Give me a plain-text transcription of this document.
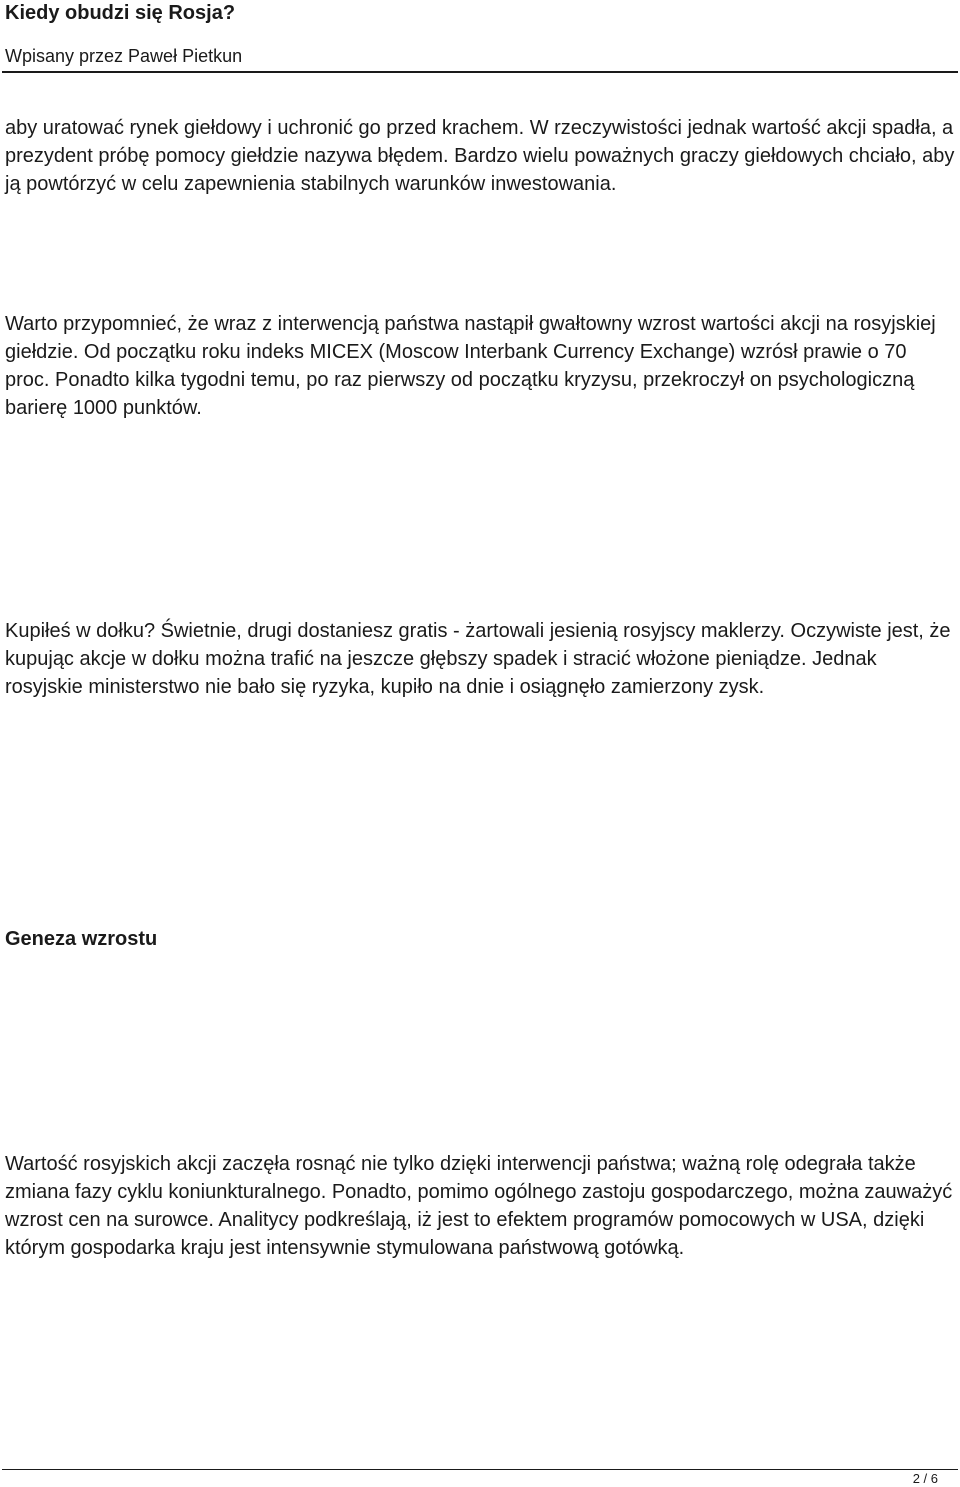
Kiedy obudzi się Rosja?
Wpisany przez Paweł Pietkun

aby uratować rynek giełdowy i uchronić go przed krachem. W rzeczywistości jednak wartość akcji spadła, a prezydent próbę pomocy giełdzie nazywa błędem. Bardzo wielu poważnych graczy giełdowych chciało, aby ją powtórzyć w celu zapewnienia stabilnych warunków inwestowania.

Warto przypomnieć, że wraz z interwencją państwa nastąpił gwałtowny wzrost wartości akcji na rosyjskiej giełdzie. Od początku roku indeks MICEX (Moscow Interbank Currency Exchange) wzrósł prawie o 70 proc. Ponadto kilka tygodni temu, po raz pierwszy od początku kryzysu, przekroczył on psychologiczną barierę 1000 punktów.

Kupiłeś w dołku? Świetnie, drugi dostaniesz gratis - żartowali jesienią rosyjscy maklerzy. Oczywiste jest, że kupując akcje w dołku można trafić na jeszcze głębszy spadek i stracić włożone pieniądze. Jednak rosyjskie ministerstwo nie bało się ryzyka, kupiło na dnie i osiągnęło zamierzony zysk.

Geneza wzrostu

Wartość rosyjskich akcji zaczęła rosnąć nie tylko dzięki interwencji państwa; ważną rolę odegrała także zmiana fazy cyklu koniunkturalnego. Ponadto, pomimo ogólnego zastoju gospodarczego, można zauważyć wzrost cen na surowce. Analitycy podkreślają, iż jest to efektem programów pomocowych w USA, dzięki którym gospodarka kraju jest intensywnie stymulowana państwową gotówką.

2 / 6
